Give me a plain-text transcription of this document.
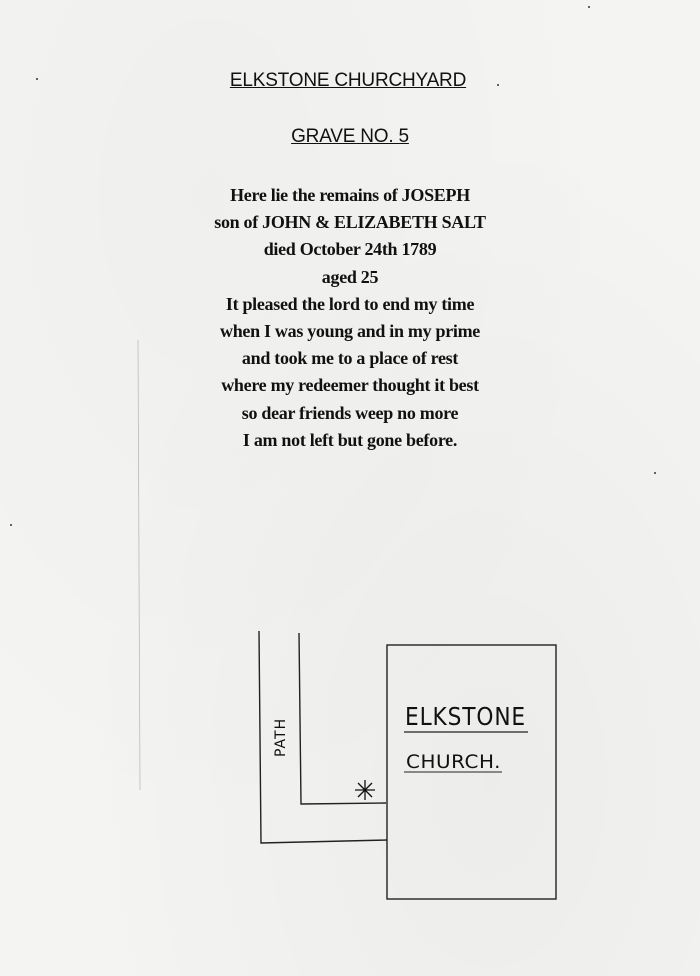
ELKSTONE CHURCHYARD
GRAVE NO. 5
Here lie the remains of JOSEPH
son of JOHN & ELIZABETH SALT
died October 24th 1789
aged 25
It pleased the lord to end my time
when I was young and in my prime
and took me to a place of rest
where my redeemer thought it best
so dear friends weep no more
I am not left but gone before.
PATH
ELKSTONE
CHURCH.
